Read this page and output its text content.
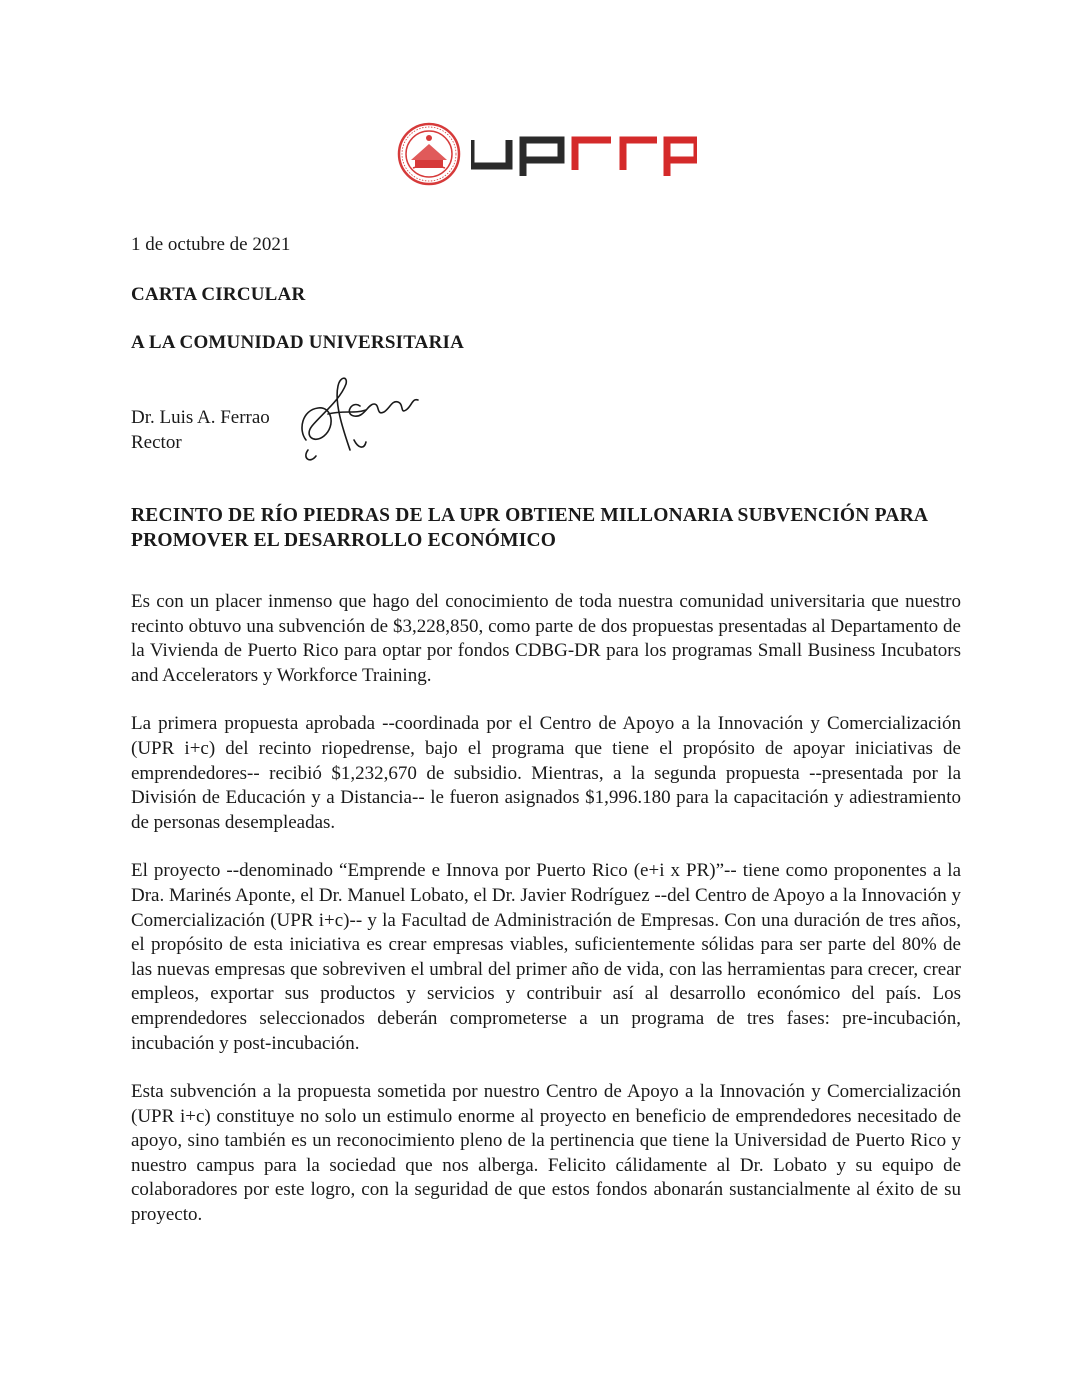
1 de octubre de 2021
CARTA CIRCULAR
A LA COMUNIDAD UNIVERSITARIA
Dr. Luis A. Ferrao
Rector
RECINTO DE RÍO PIEDRAS DE LA UPR OBTIENE MILLONARIA SUBVENCIÓN PARA PROMOVER EL DESARROLLO ECONÓMICO

Es con un placer inmenso que hago del conocimiento de toda nuestra comunidad universitaria que nuestro recinto obtuvo una subvención de $3,228,850, como parte de dos propuestas presentadas al Departamento de la Vivienda de Puerto Rico para optar por fondos CDBG-DR para los programas Small Business Incubators and Accelerators y Workforce Training.

La primera propuesta aprobada --coordinada por el Centro de Apoyo a la Innovación y Comercialización (UPR i+c) del recinto riopedrense, bajo el programa que tiene el propósito de apoyar iniciativas de emprendedores-- recibió $1,232,670 de subsidio. Mientras, a la segunda propuesta --presentada por la División de Educación y a Distancia-- le fueron asignados $1,996.180 para la capacitación y adiestramiento de personas desempleadas.

El proyecto --denominado “Emprende e Innova por Puerto Rico (e+i x PR)”-- tiene como proponentes a la Dra. Marinés Aponte, el Dr. Manuel Lobato, el Dr. Javier Rodríguez --del Centro de Apoyo a la Innovación y Comercialización (UPR i+c)-- y la Facultad de Administración de Empresas. Con una duración de tres años, el propósito de esta iniciativa es crear empresas viables, suficientemente sólidas para ser parte del 80% de las nuevas empresas que sobreviven el umbral del primer año de vida, con las herramientas para crecer, crear empleos, exportar sus productos y servicios y contribuir así al desarrollo económico del país. Los emprendedores seleccionados deberán comprometerse a un programa de tres fases: pre-incubación, incubación y post-incubación.

Esta subvención a la propuesta sometida por nuestro Centro de Apoyo a la Innovación y Comercialización (UPR i+c) constituye no solo un estimulo enorme al proyecto en beneficio de emprendedores necesitado de apoyo, sino también es un reconocimiento pleno de la pertinencia que tiene la Universidad de Puerto Rico y nuestro campus para la sociedad que nos alberga. Felicito cálidamente al Dr. Lobato y su equipo de colaboradores por este logro, con la seguridad de que estos fondos abonarán sustancialmente al éxito de su proyecto.
